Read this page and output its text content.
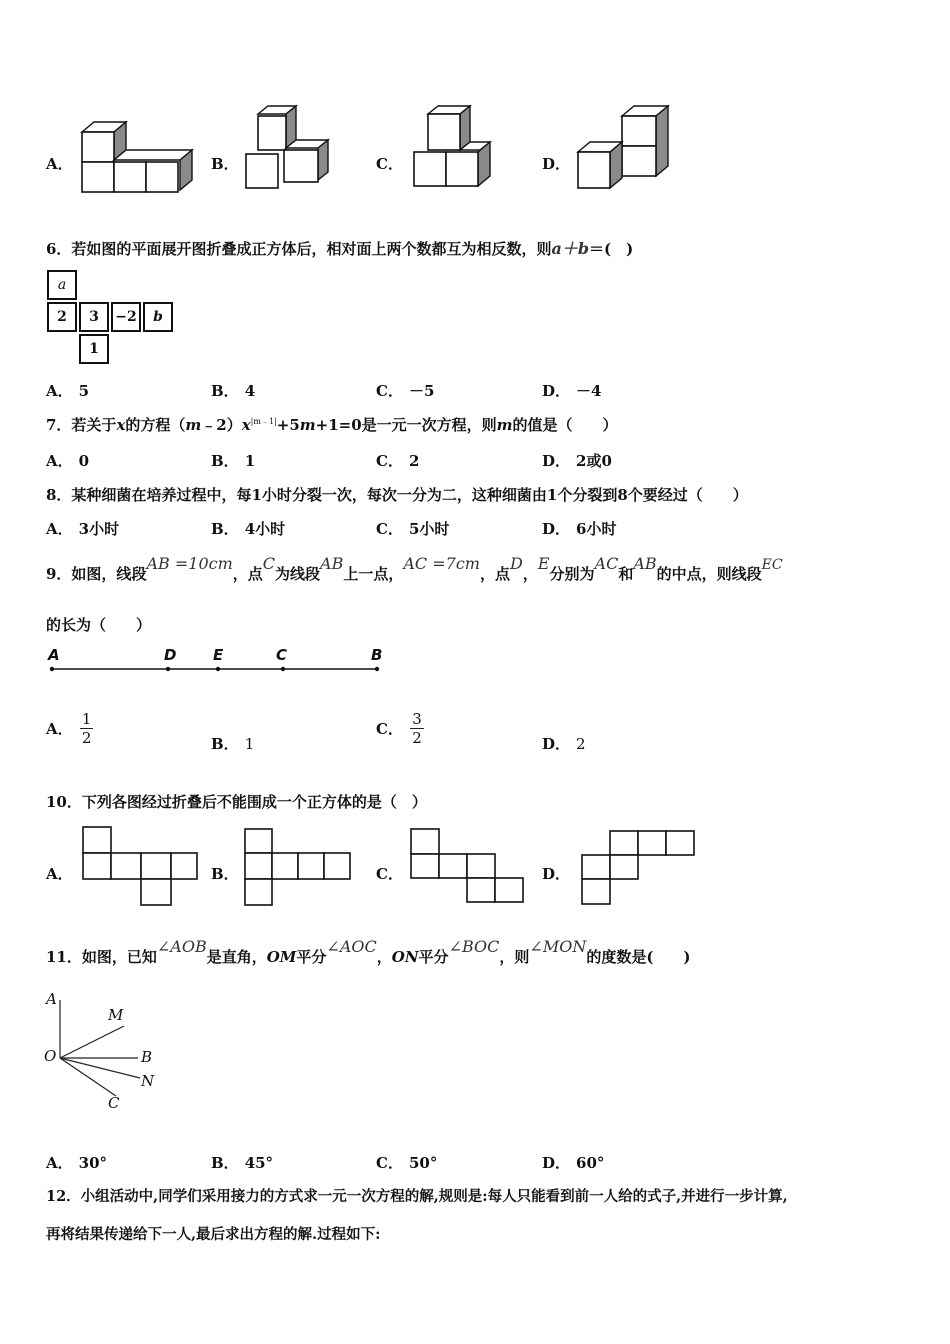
A．	B．	C．	D．
6．若如图的平面展开图折叠成正方体后，相对面上两个数都互为相反数，则a＋b＝(　)
a
2	3	−2	b
1
A． 5	B． 4	C． －5	D． －4
7．若关于x的方程$(m﹣2)x^{|m﹣1|}+5m+1=0$是一元一次方程，则m的值是（　　）
A． 0	B． 1	C． 2	D． 2或0
8．某种细菌在培养过程中，每1小时分裂一次，每次一分为二，这种细菌由1个分裂到8个要经过（　　）
A． 3小时	B． 4小时	C． 5小时	D． 6小时
9．如图，线段AB =10cm，点C为线段AB上一点，AC =7cm，点D，E分别为AC和AB的中点，则线段EC
的长为（　　）
A	D E	C	B
A． $\frac{1}{2}$	B． 1
C． $\frac{3}{2}$	D． 2
10．下列各图经过折叠后不能围成一个正方体的是（　）
A．	B．	C．	D．
11．如图，已知∠AOB是直角，OM平分∠AOC，ON平分∠BOC，则∠MON的度数是(　　)
A
M
O	B
N
C
A． 30°	B． 45°	C． 50°	D． 60°
12．小组活动中,同学们采用接力的方式求一元一次方程的解,规则是:每人只能看到前一人给的式子,并进行一步计算,
再将结果传递给下一人,最后求出方程的解.过程如下:
